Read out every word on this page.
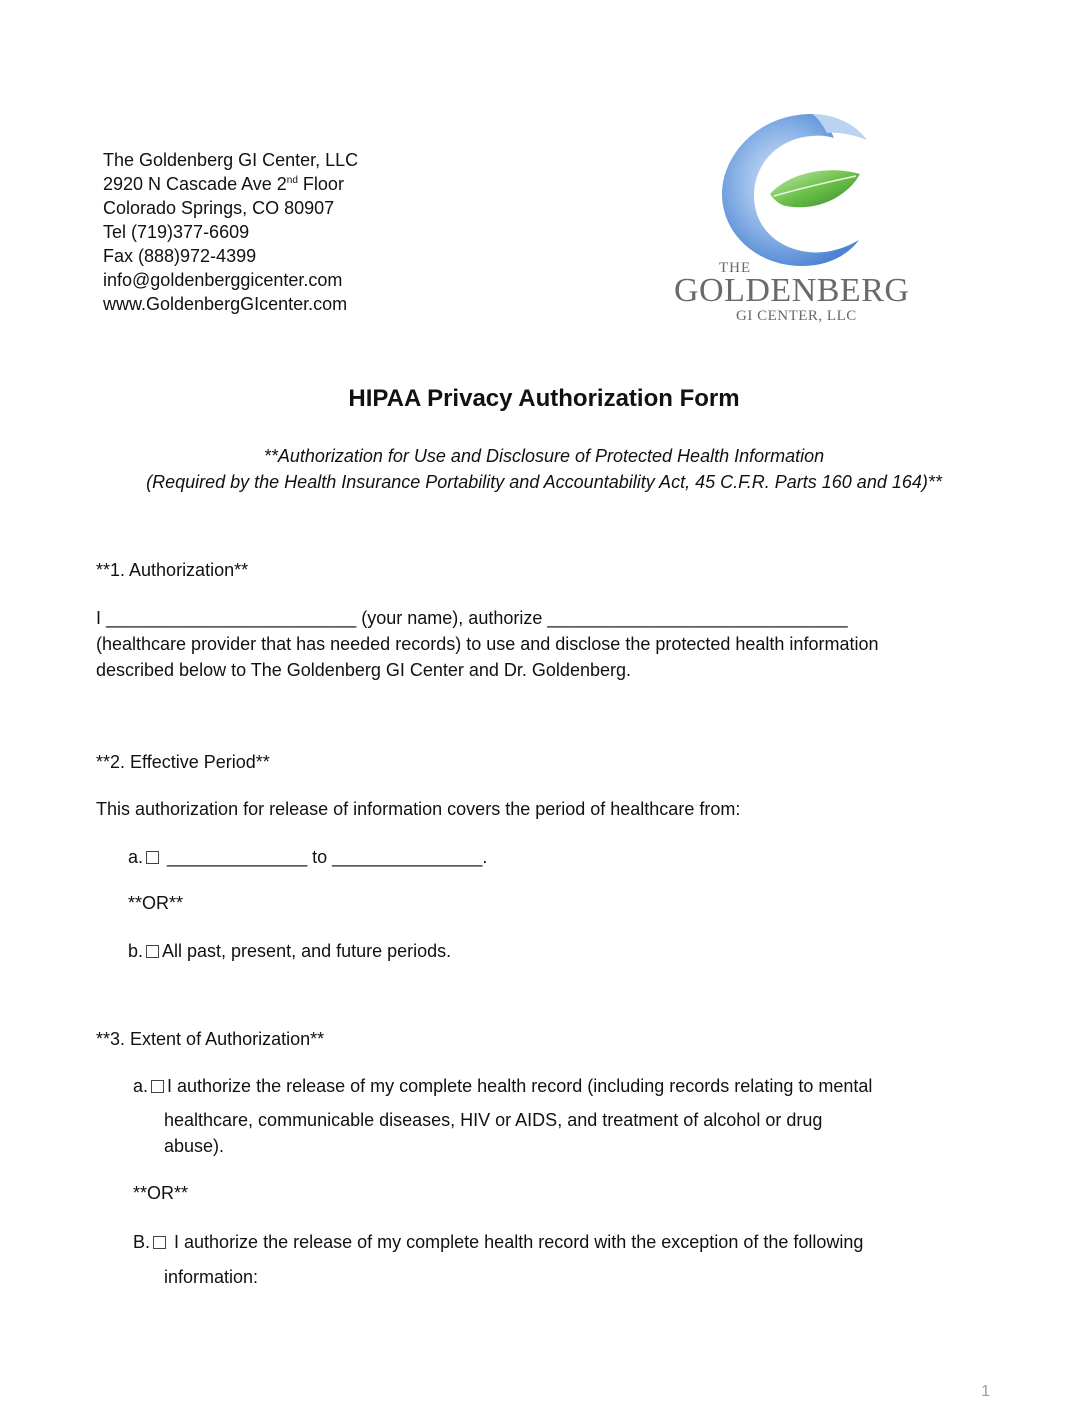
The Goldenberg GI Center, LLC
2920 N Cascade Ave 2nd Floor
Colorado Springs, CO 80907
Tel (719)377-6609
Fax (888)972-4399
info@goldenberggicenter.com
www.GoldenbergGIcenter.com
THE
GOLDENBERG
GI CENTER, LLC
HIPAA Privacy Authorization Form
**Authorization for Use and Disclosure of Protected Health Information
(Required by the Health Insurance Portability and Accountability Act, 45 C.F.R. Parts 160 and 164)**
**1. Authorization**
I _________________________ (your name), authorize ______________________________
(healthcare provider that has needed records) to use and disclose the protected health information
described below to The Goldenberg GI Center and Dr. Goldenberg.
**2. Effective Period**
This authorization for release of information covers the period of healthcare from:
a. ______________ to _______________.
**OR**
b. All past, present, and future periods.
**3. Extent of Authorization**
a. I authorize the release of my complete health record (including records relating to mental
healthcare, communicable diseases, HIV or AIDS, and treatment of alcohol or drug
abuse).
**OR**
B. I authorize the release of my complete health record with the exception of the following
information:
1
